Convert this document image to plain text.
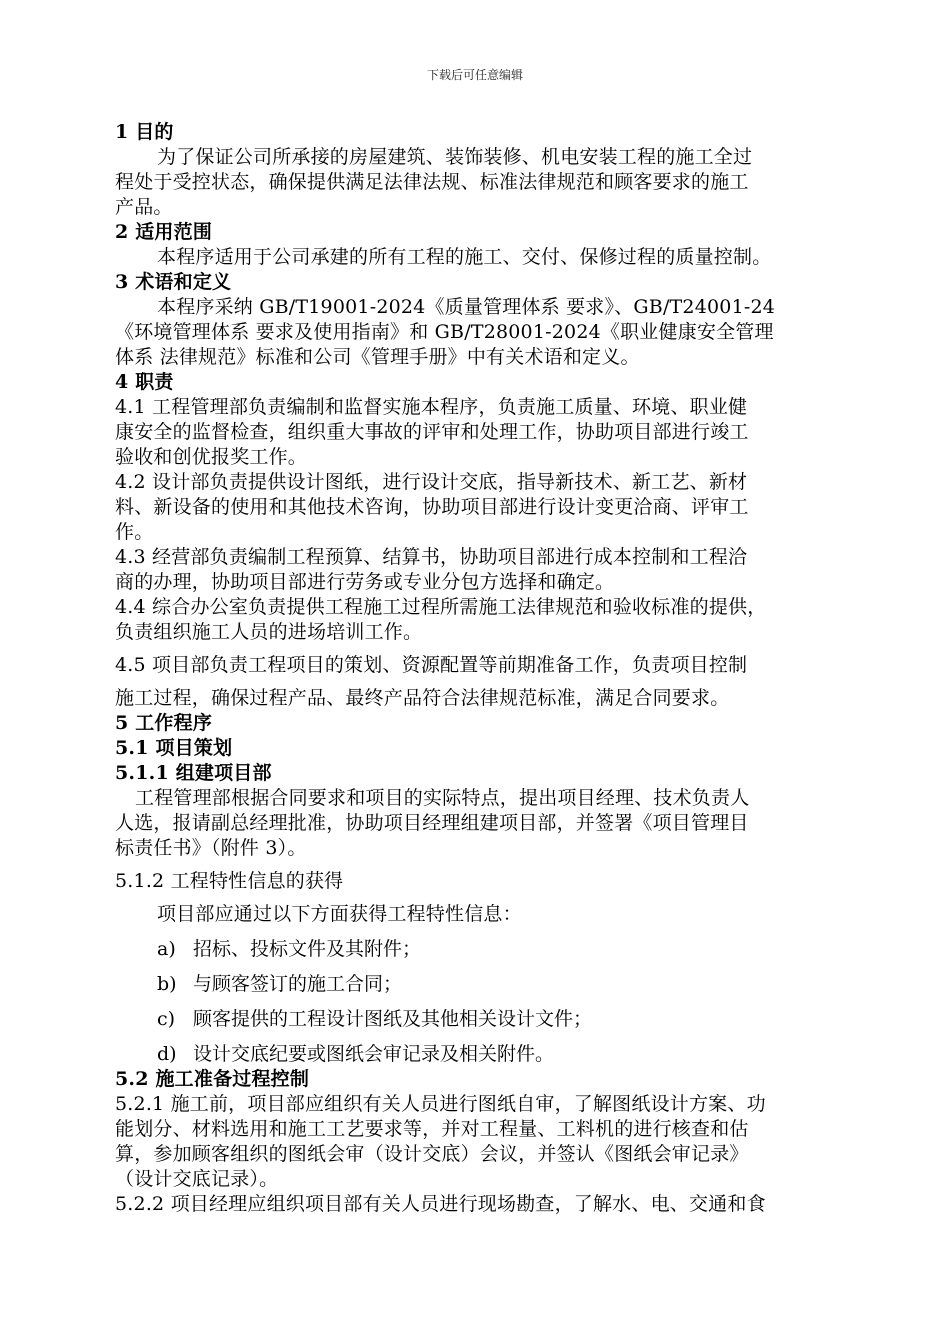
下载后可任意编辑
1 目的
为了保证公司所承接的房屋建筑、装饰装修、机电安装工程的施工全过
程处于受控状态，确保提供满足法律法规、标准法律规范和顾客要求的施工
产品。
2 适用范围
本程序适用于公司承建的所有工程的施工、交付、保修过程的质量控制。
3 术语和定义
本程序采纳 GB/T19001-2024《质量管理体系 要求》、GB/T24001-24
《环境管理体系 要求及使用指南》和 GB/T28001-2024《职业健康安全管理
体系 法律规范》标准和公司《管理手册》中有关术语和定义。
4 职责
4.1 工程管理部负责编制和监督实施本程序，负责施工质量、环境、职业健
康安全的监督检查，组织重大事故的评审和处理工作，协助项目部进行竣工
验收和创优报奖工作。
4.2 设计部负责提供设计图纸，进行设计交底，指导新技术、新工艺、新材
料、新设备的使用和其他技术咨询，协助项目部进行设计变更洽商、评审工
作。
4.3 经营部负责编制工程预算、结算书，协助项目部进行成本控制和工程洽
商的办理，协助项目部进行劳务或专业分包方选择和确定。
4.4 综合办公室负责提供工程施工过程所需施工法律规范和验收标准的提供，
负责组织施工人员的进场培训工作。
4.5 项目部负责工程项目的策划、资源配置等前期准备工作，负责项目控制
施工过程，确保过程产品、最终产品符合法律规范标准，满足合同要求。
5 工作程序
5.1 项目策划
5.1.1 组建项目部
工程管理部根据合同要求和项目的实际特点，提出项目经理、技术负责人
人选，报请副总经理批准，协助项目经理组建项目部，并签署《项目管理目
标责任书》（附件 3）。
5.1.2 工程特性信息的获得
项目部应通过以下方面获得工程特性信息：
a) 招标、投标文件及其附件；
b) 与顾客签订的施工合同；
c) 顾客提供的工程设计图纸及其他相关设计文件；
d) 设计交底纪要或图纸会审记录及相关附件。
5.2 施工准备过程控制
5.2.1 施工前，项目部应组织有关人员进行图纸自审，了解图纸设计方案、功
能划分、材料选用和施工工艺要求等，并对工程量、工料机的进行核查和估
算，参加顾客组织的图纸会审（设计交底）会议，并签认《图纸会审记录》
（设计交底记录）。
5.2.2 项目经理应组织项目部有关人员进行现场勘查，了解水、电、交通和食
